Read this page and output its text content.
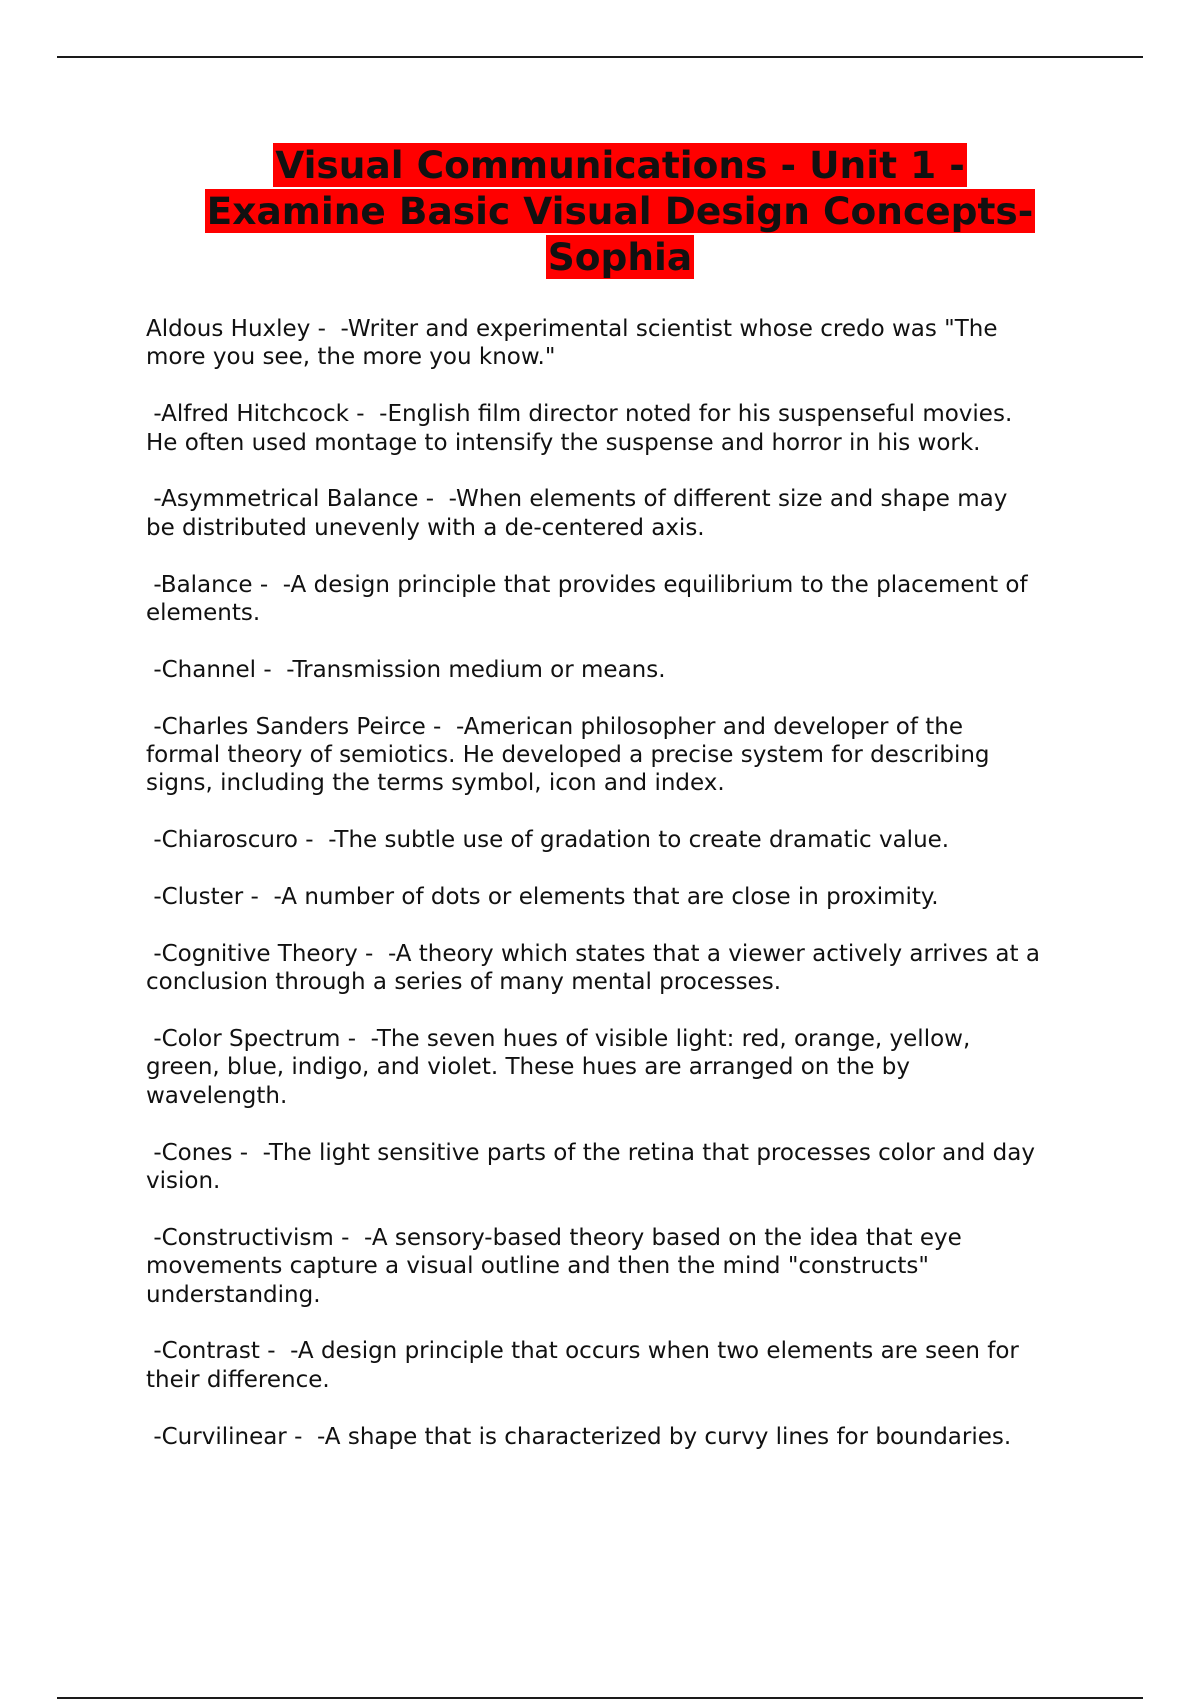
Visual Communications - Unit 1 -
Examine Basic Visual Design Concepts-
Sophia

Aldous Huxley -  -Writer and experimental scientist whose credo was "The
more you see, the more you know."

-Alfred Hitchcock -  -English film director noted for his suspenseful movies.
He often used montage to intensify the suspense and horror in his work.

-Asymmetrical Balance -  -When elements of different size and shape may
be distributed unevenly with a de-centered axis.

-Balance -  -A design principle that provides equilibrium to the placement of
elements.

-Channel -  -Transmission medium or means.

-Charles Sanders Peirce -  -American philosopher and developer of the
formal theory of semiotics. He developed a precise system for describing
signs, including the terms symbol, icon and index.

-Chiaroscuro -  -The subtle use of gradation to create dramatic value.

-Cluster -  -A number of dots or elements that are close in proximity.

-Cognitive Theory -  -A theory which states that a viewer actively arrives at a
conclusion through a series of many mental processes.

-Color Spectrum -  -The seven hues of visible light: red, orange, yellow,
green, blue, indigo, and violet. These hues are arranged on the by
wavelength.

-Cones -  -The light sensitive parts of the retina that processes color and day
vision.

-Constructivism -  -A sensory-based theory based on the idea that eye
movements capture a visual outline and then the mind "constructs"
understanding.

-Contrast -  -A design principle that occurs when two elements are seen for
their difference.

-Curvilinear -  -A shape that is characterized by curvy lines for boundaries.
